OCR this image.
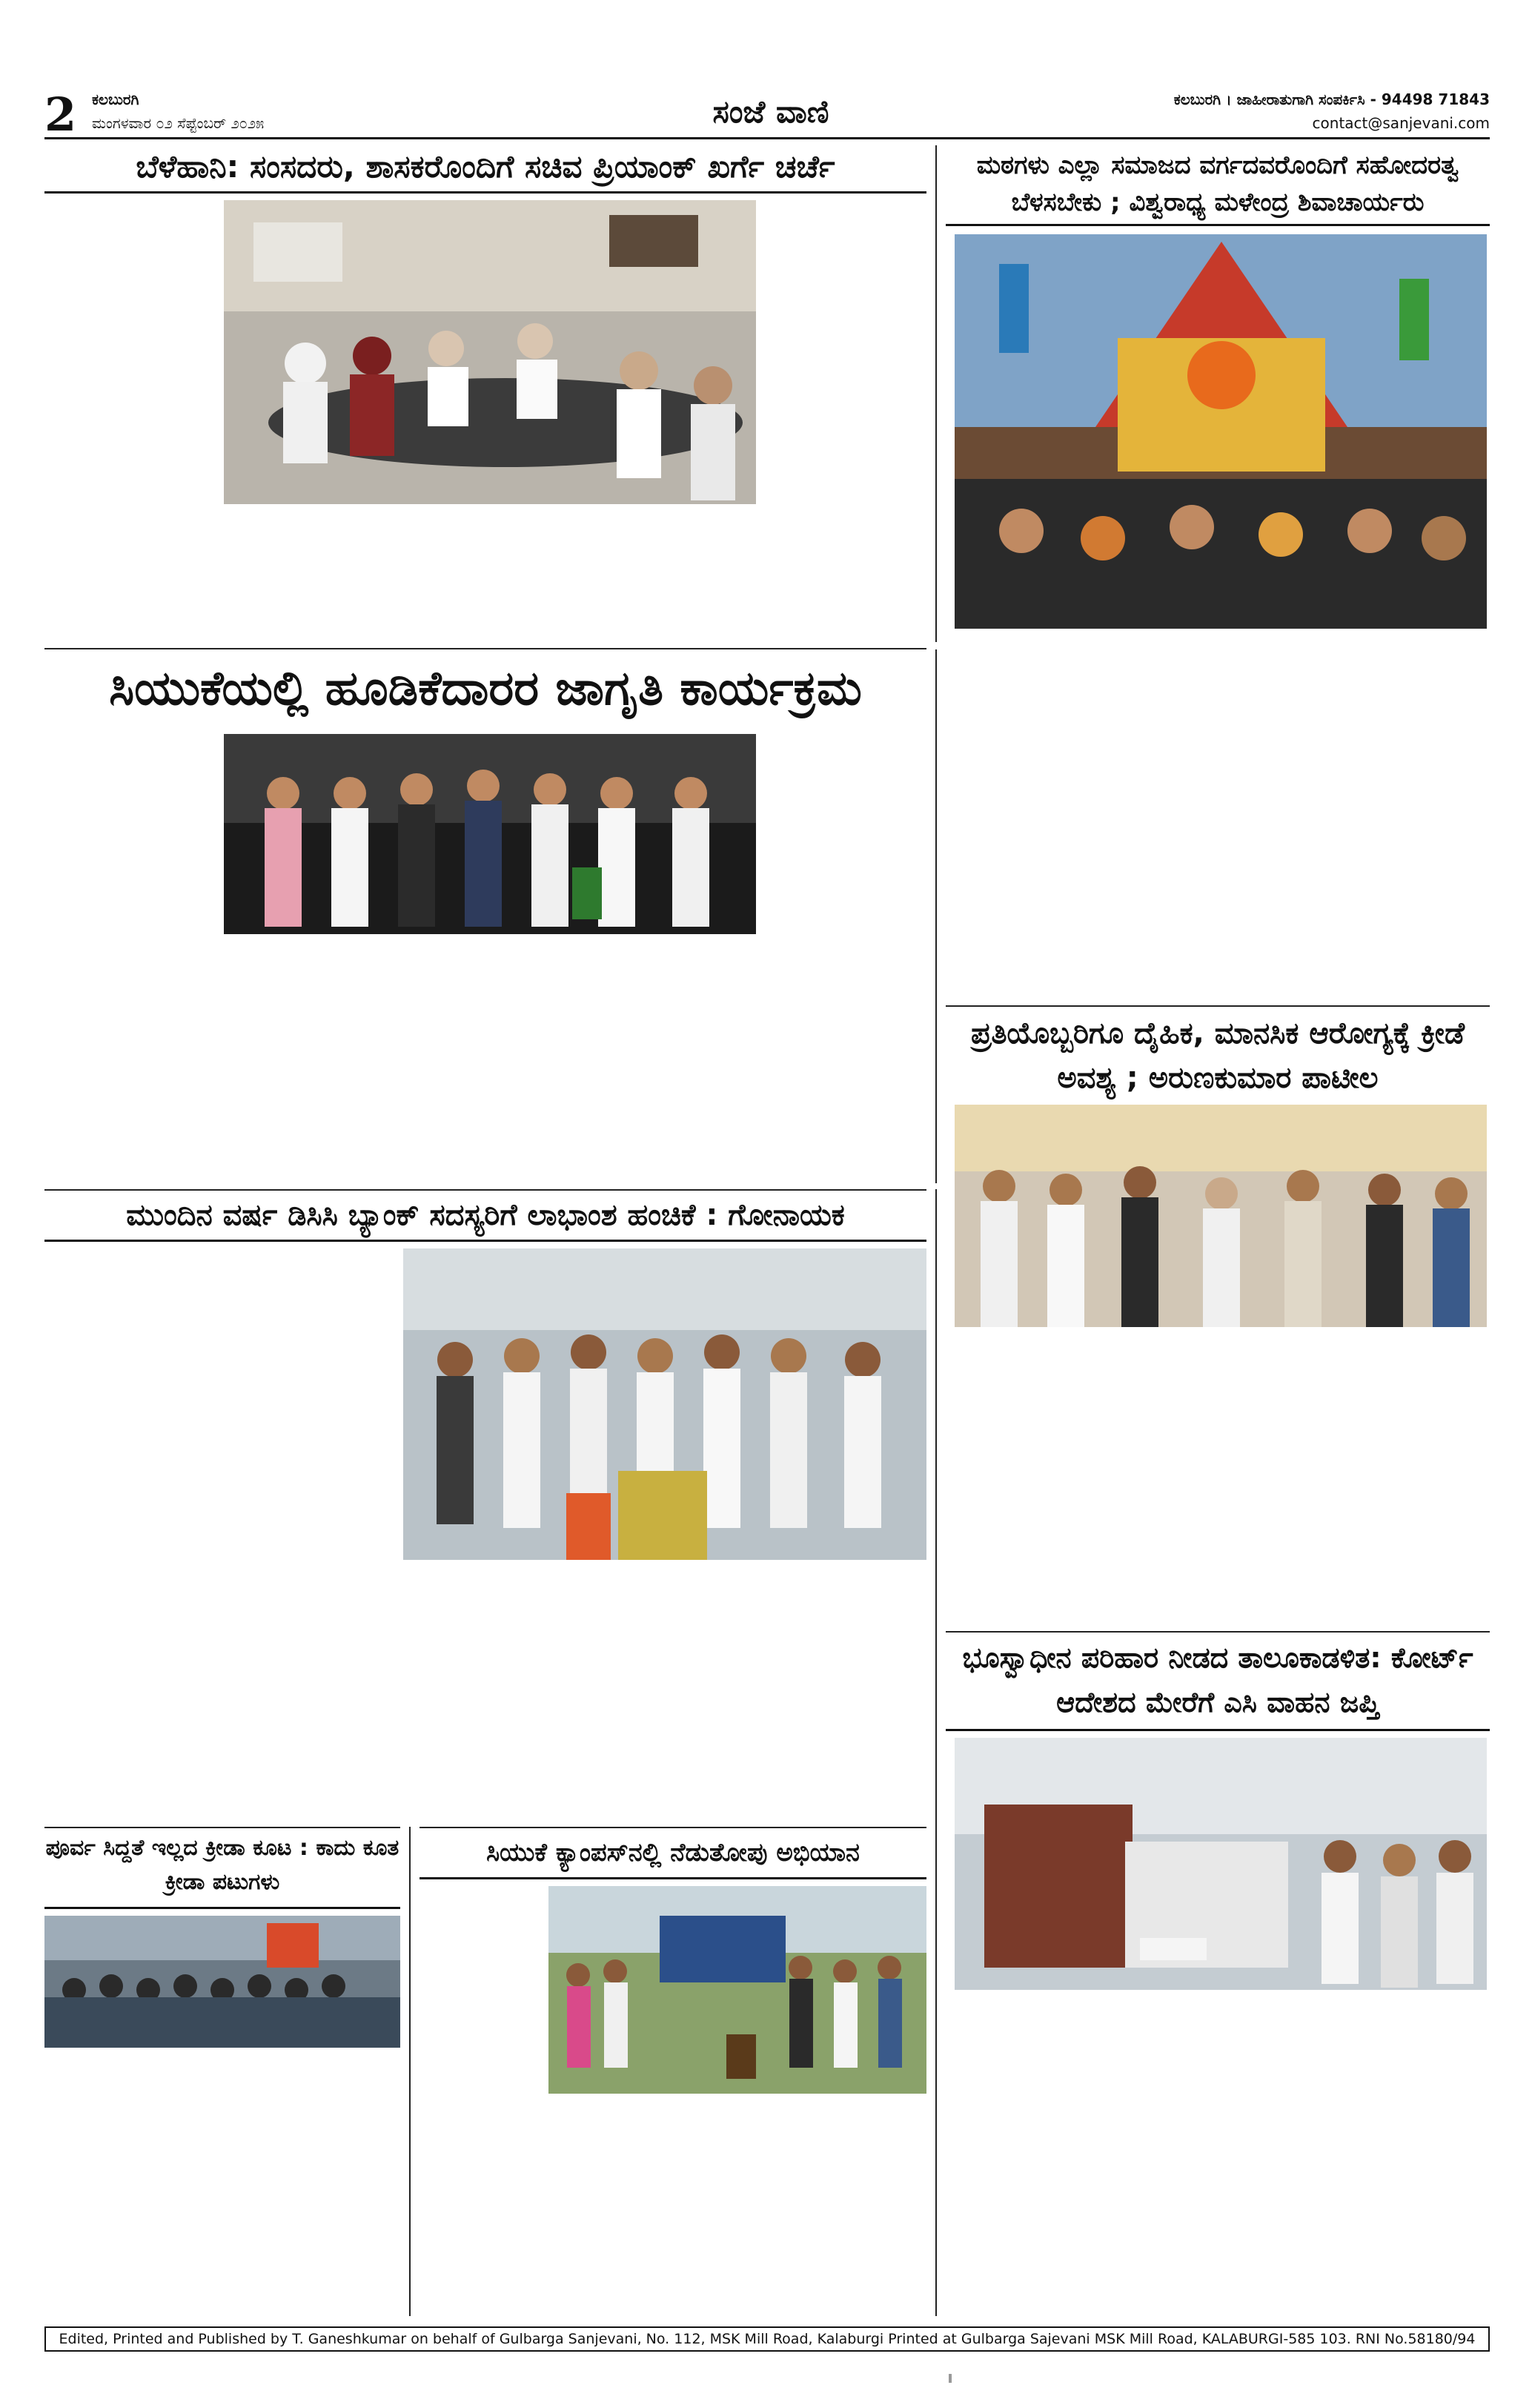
2 ಕಲಬುರಗಿ
ಮಂಗಳವಾರ ೦೨ ಸೆಪ್ಟೆಂಬರ್ ೨೦೨೫	ಸಂಜೆ ವಾಣಿ	ಕಲಬುರಗಿ । ಜಾಹೀರಾತುಗಾಗಿ ಸಂಪರ್ಕಿಸಿ - 94498 71843
contact@sanjevani.com
ಬೆಳೆಹಾನಿ: ಸಂಸದರು, ಶಾಸಕರೊಂದಿಗೆ ಸಚಿವ ಪ್ರಿಯಾಂಕ್ ಖರ್ಗೆ ಚರ್ಚೆ	ಮಠಗಳು ಎಲ್ಲಾ ಸಮಾಜದ ವರ್ಗದವರೊಂದಿಗೆ ಸಹೋದರತ್ವ ಬೆಳಸಬೇಕು ; ವಿಶ್ವರಾಧ್ಯ ಮಳೇಂದ್ರ ಶಿವಾಚಾರ್ಯರು
ಸಿಯುಕೆಯಲ್ಲಿ ಹೂಡಿಕೆದಾರರ ಜಾಗೃತಿ ಕಾರ್ಯಕ್ರಮ
ಪ್ರತಿಯೊಬ್ಬರಿಗೂ ದೈಹಿಕ, ಮಾನಸಿಕ ಆರೋಗ್ಯಕ್ಕೆ ಕ್ರೀಡೆ ಅವಶ್ಯ ; ಅರುಣಕುಮಾರ ಪಾಟೀಲ
ಮುಂದಿನ ವರ್ಷ ಡಿಸಿಸಿ ಬ್ಯಾಂಕ್ ಸದಸ್ಯರಿಗೆ ಲಾಭಾಂಶ ಹಂಚಿಕೆ : ಗೋನಾಯಕ
ಭೂಸ್ವಾಧೀನ ಪರಿಹಾರ ನೀಡದ ತಾಲೂಕಾಡಳಿತ: ಕೋರ್ಟ್ ಆದೇಶದ ಮೇರೆಗೆ ಎಸಿ ವಾಹನ ಜಪ್ತಿ
ಪೂರ್ವ ಸಿದ್ದತೆ ಇಲ್ಲದ ಕ್ರೀಡಾ ಕೂಟ : ಕಾದು ಕೂತ ಕ್ರೀಡಾ ಪಟುಗಳು
ಸಿಯುಕೆ ಕ್ಯಾಂಪಸ್‌ನಲ್ಲಿ ನೆಡುತೋಪು ಅಭಿಯಾನ
Edited, Printed and Published by T. Ganeshkumar on behalf of Gulbarga Sanjevani, No. 112, MSK Mill Road, Kalaburgi Printed at Gulbarga Sajevani MSK Mill Road, KALABURGI-585 103. RNI No.58180/94
